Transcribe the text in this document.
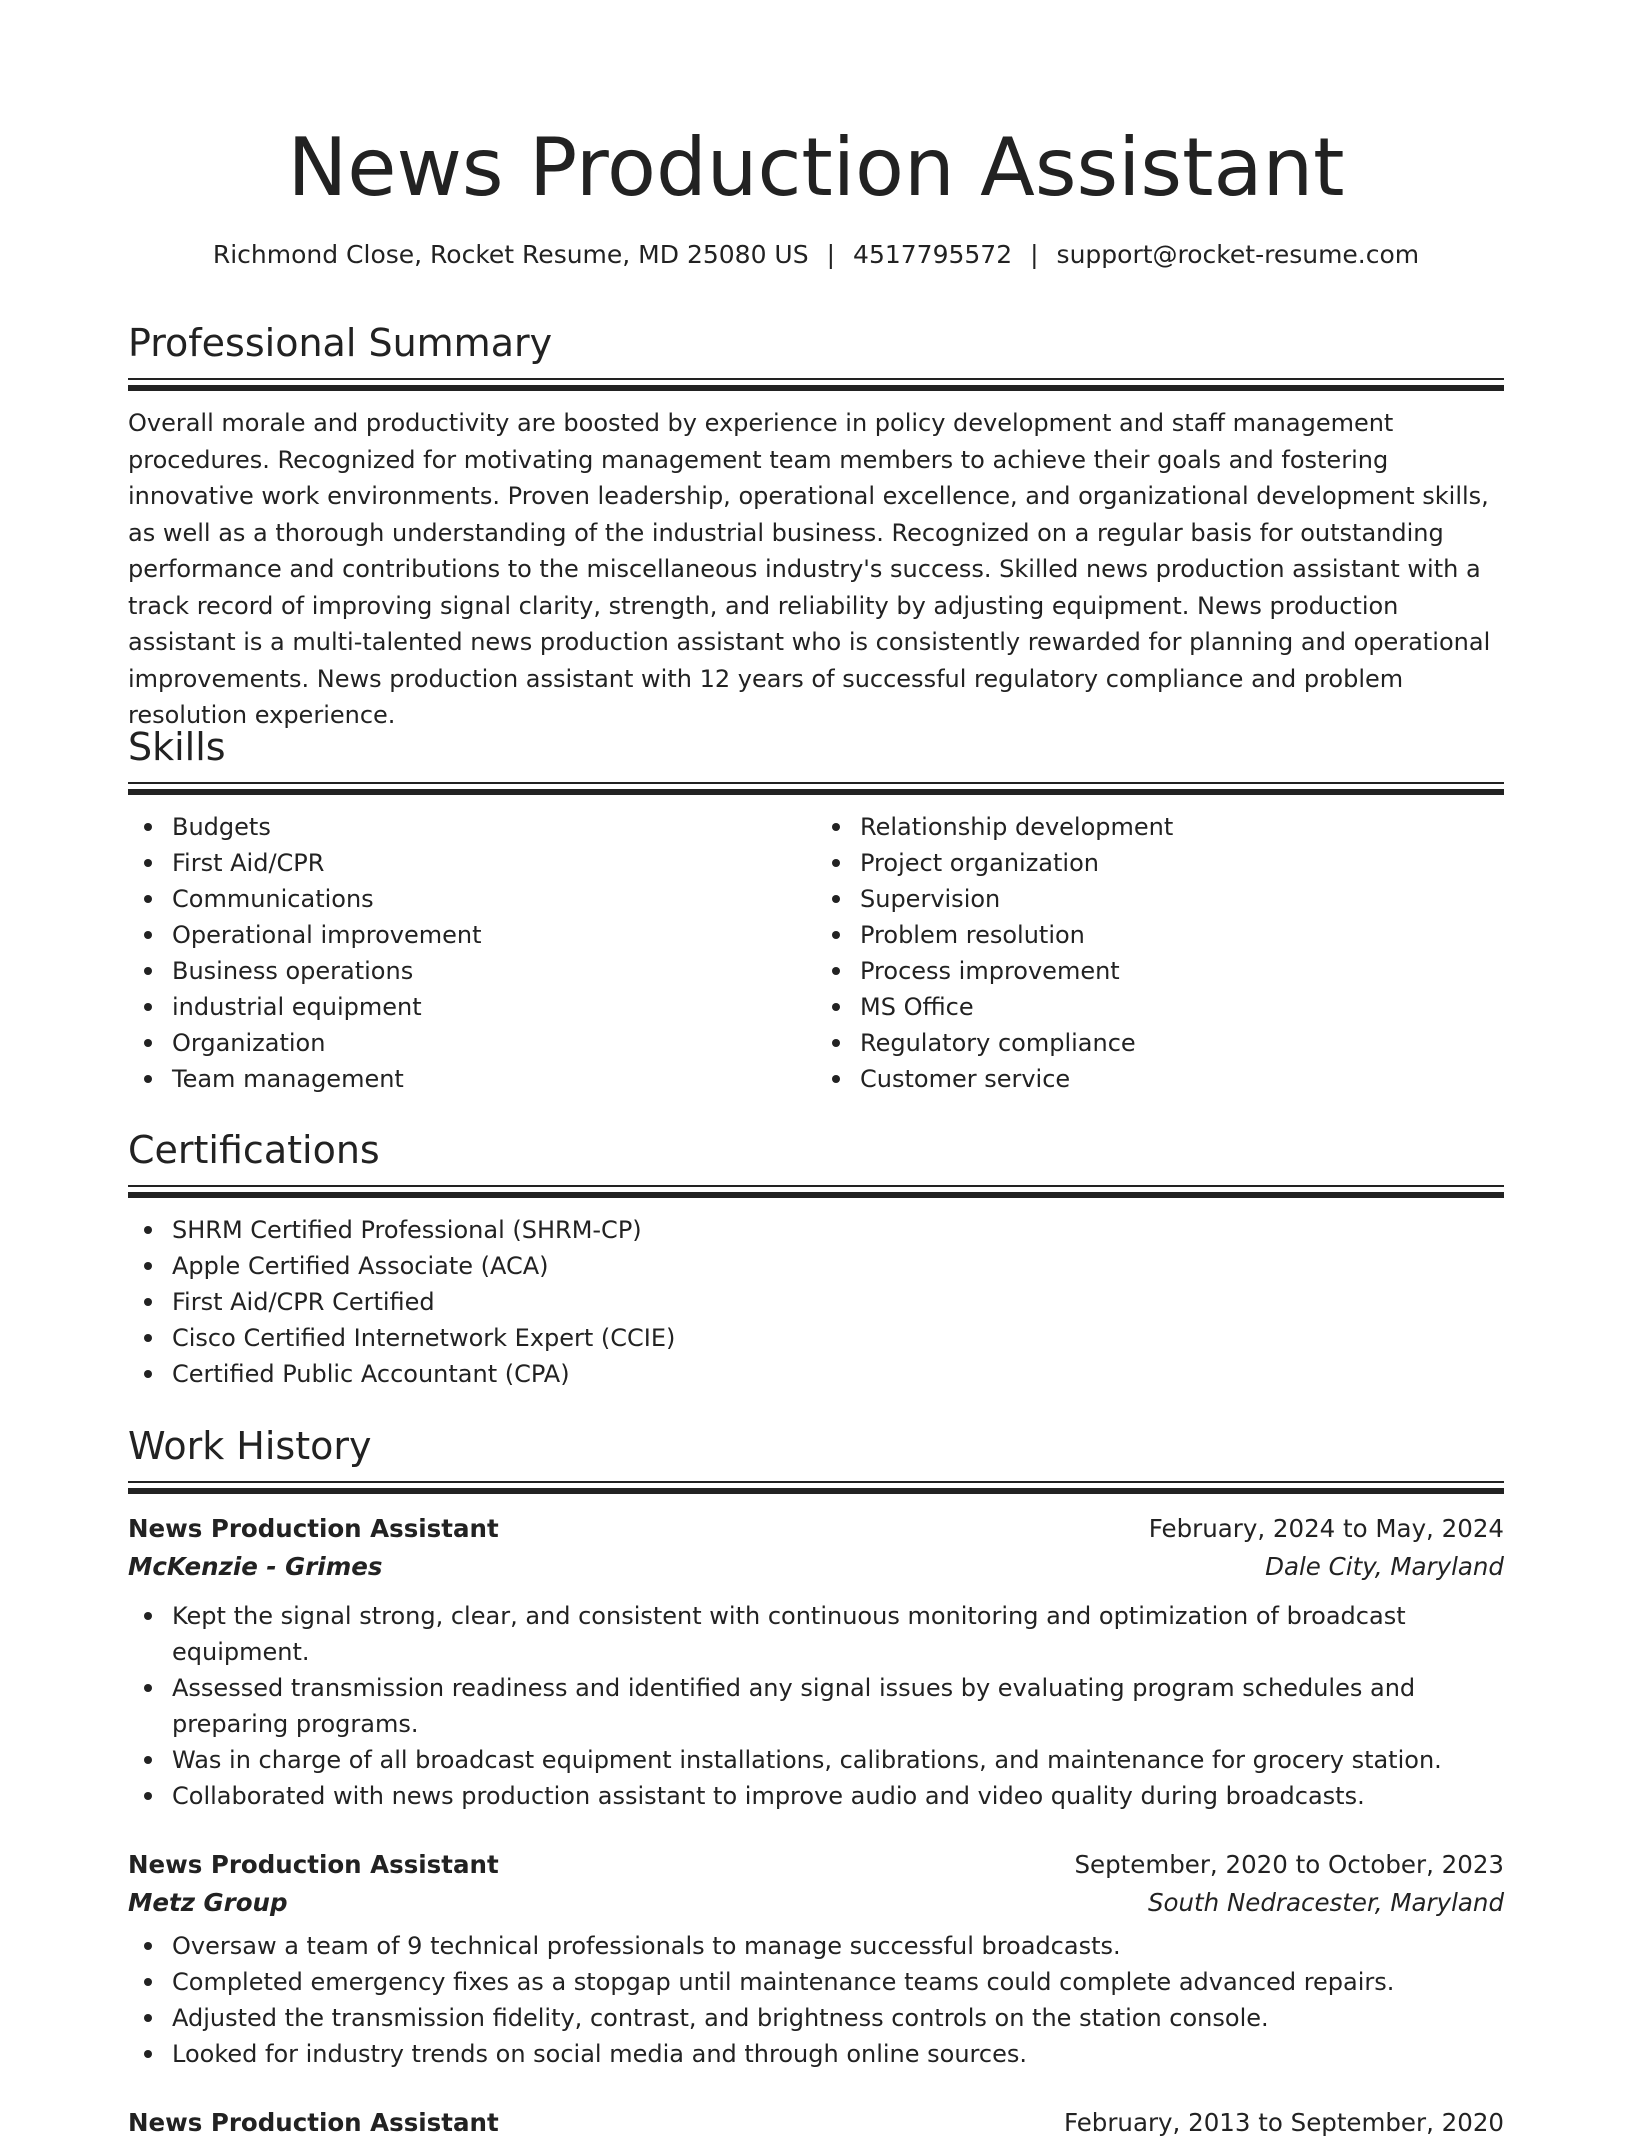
News Production Assistant
Richmond Close, Rocket Resume, MD 25080 US | 4517795572 | support@rocket-resume.com
Professional Summary

Overall morale and productivity are boosted by experience in policy development and staff management procedures. Recognized for motivating management team members to achieve their goals and fostering innovative work environments. Proven leadership, operational excellence, and organizational development skills, as well as a thorough understanding of the industrial business. Recognized on a regular basis for outstanding performance and contributions to the miscellaneous industry's success. Skilled news production assistant with a track record of improving signal clarity, strength, and reliability by adjusting equipment. News production assistant is a multi-talented news production assistant who is consistently rewarded for planning and operational improvements. News production assistant with 12 years of successful regulatory compliance and problem resolution experience.

Skills
Budgets
First Aid/CPR
Communications
Operational improvement
Business operations
industrial equipment
Organization
Team management
Relationship development
Project organization
Supervision
Problem resolution
Process improvement
MS Office
Regulatory compliance
Customer service
Certifications
SHRM Certified Professional (SHRM-CP)
Apple Certified Associate (ACA)
First Aid/CPR Certified
Cisco Certified Internetwork Expert (CCIE)
Certified Public Accountant (CPA)
Work History
News Production Assistant	February, 2024 to May, 2024
McKenzie - Grimes	Dale City, Maryland
Kept the signal strong, clear, and consistent with continuous monitoring and optimization of broadcast equipment.
Assessed transmission readiness and identified any signal issues by evaluating program schedules and preparing programs.
Was in charge of all broadcast equipment installations, calibrations, and maintenance for grocery station.
Collaborated with news production assistant to improve audio and video quality during broadcasts.
News Production Assistant	September, 2020 to October, 2023
Metz Group	South Nedracester, Maryland
Oversaw a team of 9 technical professionals to manage successful broadcasts.
Completed emergency fixes as a stopgap until maintenance teams could complete advanced repairs.
Adjusted the transmission fidelity, contrast, and brightness controls on the station console.
Looked for industry trends on social media and through online sources.
News Production Assistant	February, 2013 to September, 2020
